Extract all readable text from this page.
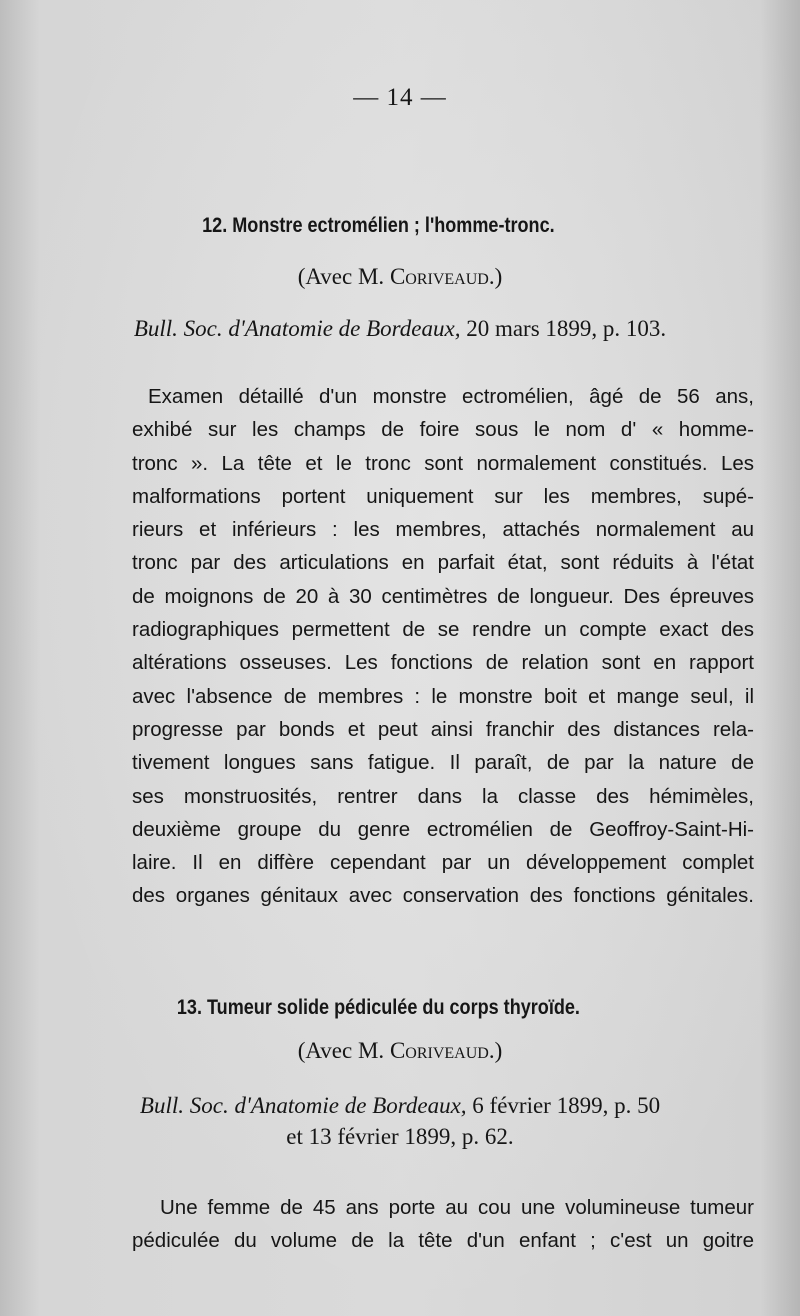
— 14 —
12. Monstre ectromélien ; l'homme-tronc.
(Avec M. Coriveaud.)
Bull. Soc. d'Anatomie de Bordeaux, 20 mars 1899, p. 103.
Examen détaillé d'un monstre ectromélien, âgé de 56 ans,
exhibé sur les champs de foire sous le nom d' « homme-
tronc ». La tête et le tronc sont normalement constitués. Les
malformations portent uniquement sur les membres, supé-
rieurs et inférieurs : les membres, attachés normalement au
tronc par des articulations en parfait état, sont réduits à l'état
de moignons de 20 à 30 centimètres de longueur. Des épreuves
radiographiques permettent de se rendre un compte exact des
altérations osseuses. Les fonctions de relation sont en rapport
avec l'absence de membres : le monstre boit et mange seul, il
progresse par bonds et peut ainsi franchir des distances rela-
tivement longues sans fatigue. Il paraît, de par la nature de
ses monstruosités, rentrer dans la classe des hémimèles,
deuxième groupe du genre ectromélien de Geoffroy-Saint-Hi-
laire. Il en diffère cependant par un développement complet
des organes génitaux avec conservation des fonctions génitales.
13. Tumeur solide pédiculée du corps thyroïde.
(Avec M. Coriveaud.)
Bull. Soc. d'Anatomie de Bordeaux, 6 février 1899, p. 50
et 13 février 1899, p. 62.
Une femme de 45 ans porte au cou une volumineuse tumeur
pédiculée du volume de la tête d'un enfant ; c'est un goitre
